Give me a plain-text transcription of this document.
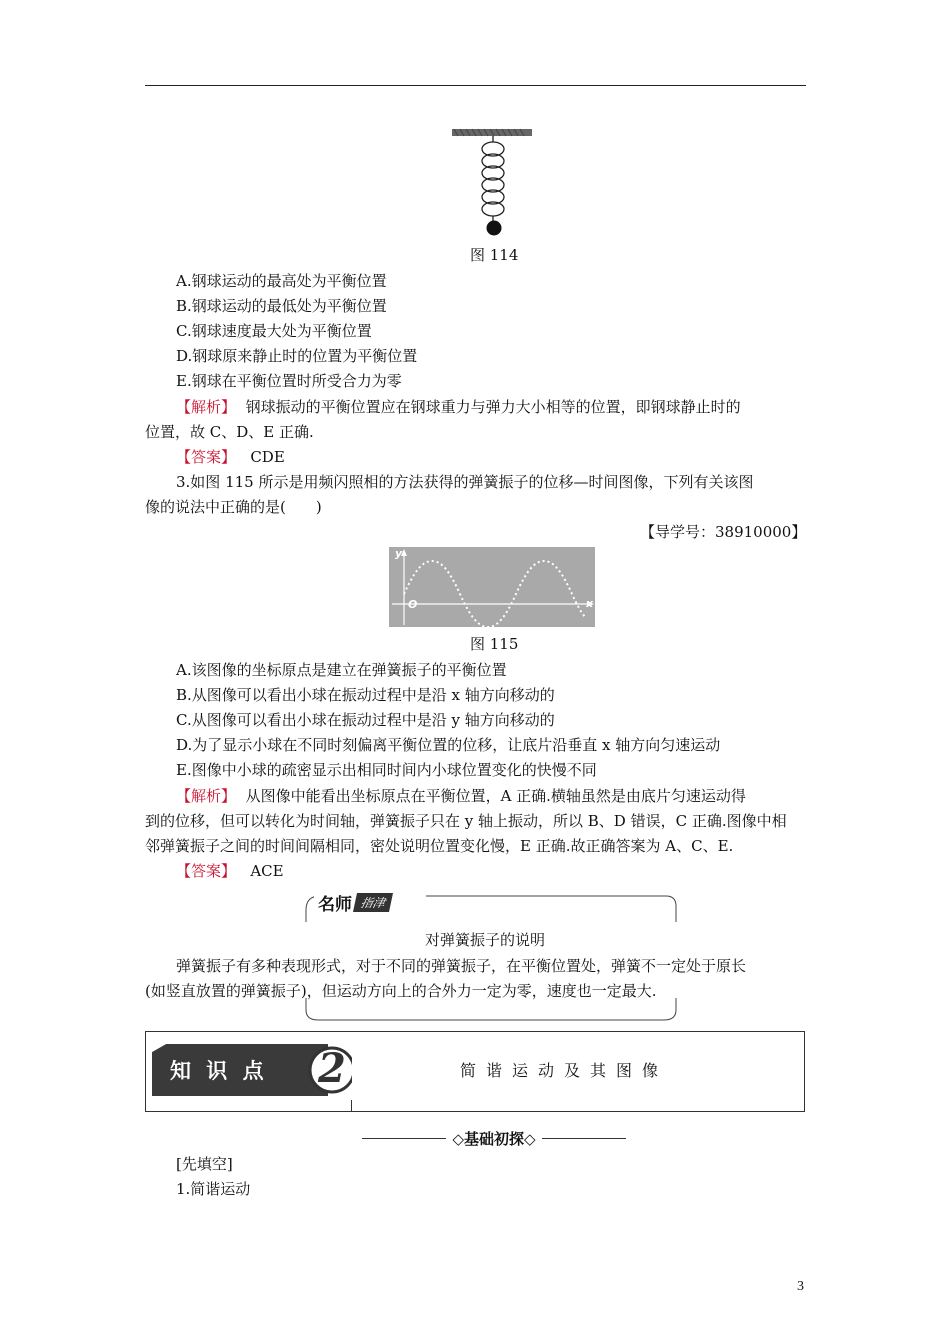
图 114
A.钢球运动的最高处为平衡位置
B.钢球运动的最低处为平衡位置
C.钢球速度最大处为平衡位置
D.钢球原来静止时的位置为平衡位置
E.钢球在平衡位置时所受合力为零
【解析】 钢球振动的平衡位置应在钢球重力与弹力大小相等的位置，即钢球静止时的
位置，故 C、D、E 正确.
【答案】 CDE
3.如图 115 所示是用频闪照相的方法获得的弹簧振子的位移—时间图像，下列有关该图
像的说法中正确的是(　　)
【导学号：38910000】
y
x
O
图 115
A.该图像的坐标原点是建立在弹簧振子的平衡位置
B.从图像可以看出小球在振动过程中是沿 x 轴方向移动的
C.从图像可以看出小球在振动过程中是沿 y 轴方向移动的
D.为了显示小球在不同时刻偏离平衡位置的位移，让底片沿垂直 x 轴方向匀速运动
E.图像中小球的疏密显示出相同时间内小球位置变化的快慢不同
【解析】 从图像中能看出坐标原点在平衡位置，A 正确.横轴虽然是由底片匀速运动得
到的位移，但可以转化为时间轴，弹簧振子只在 y 轴上振动，所以 B、D 错误，C 正确.图像中相
邻弹簧振子之间的时间间隔相同，密处说明位置变化慢，E 正确.故正确答案为 A、C、E.
【答案】 ACE
名师 指津
对弹簧振子的说明
弹簧振子有多种表现形式，对于不同的弹簧振子，在平衡位置处，弹簧不一定处于原长
(如竖直放置的弹簧振子)，但运动方向上的合外力一定为零，速度也一定最大.
知 识 点 2	简谐运动及其图像
◇基础初探◇
[先填空]
1.简谐运动
3
